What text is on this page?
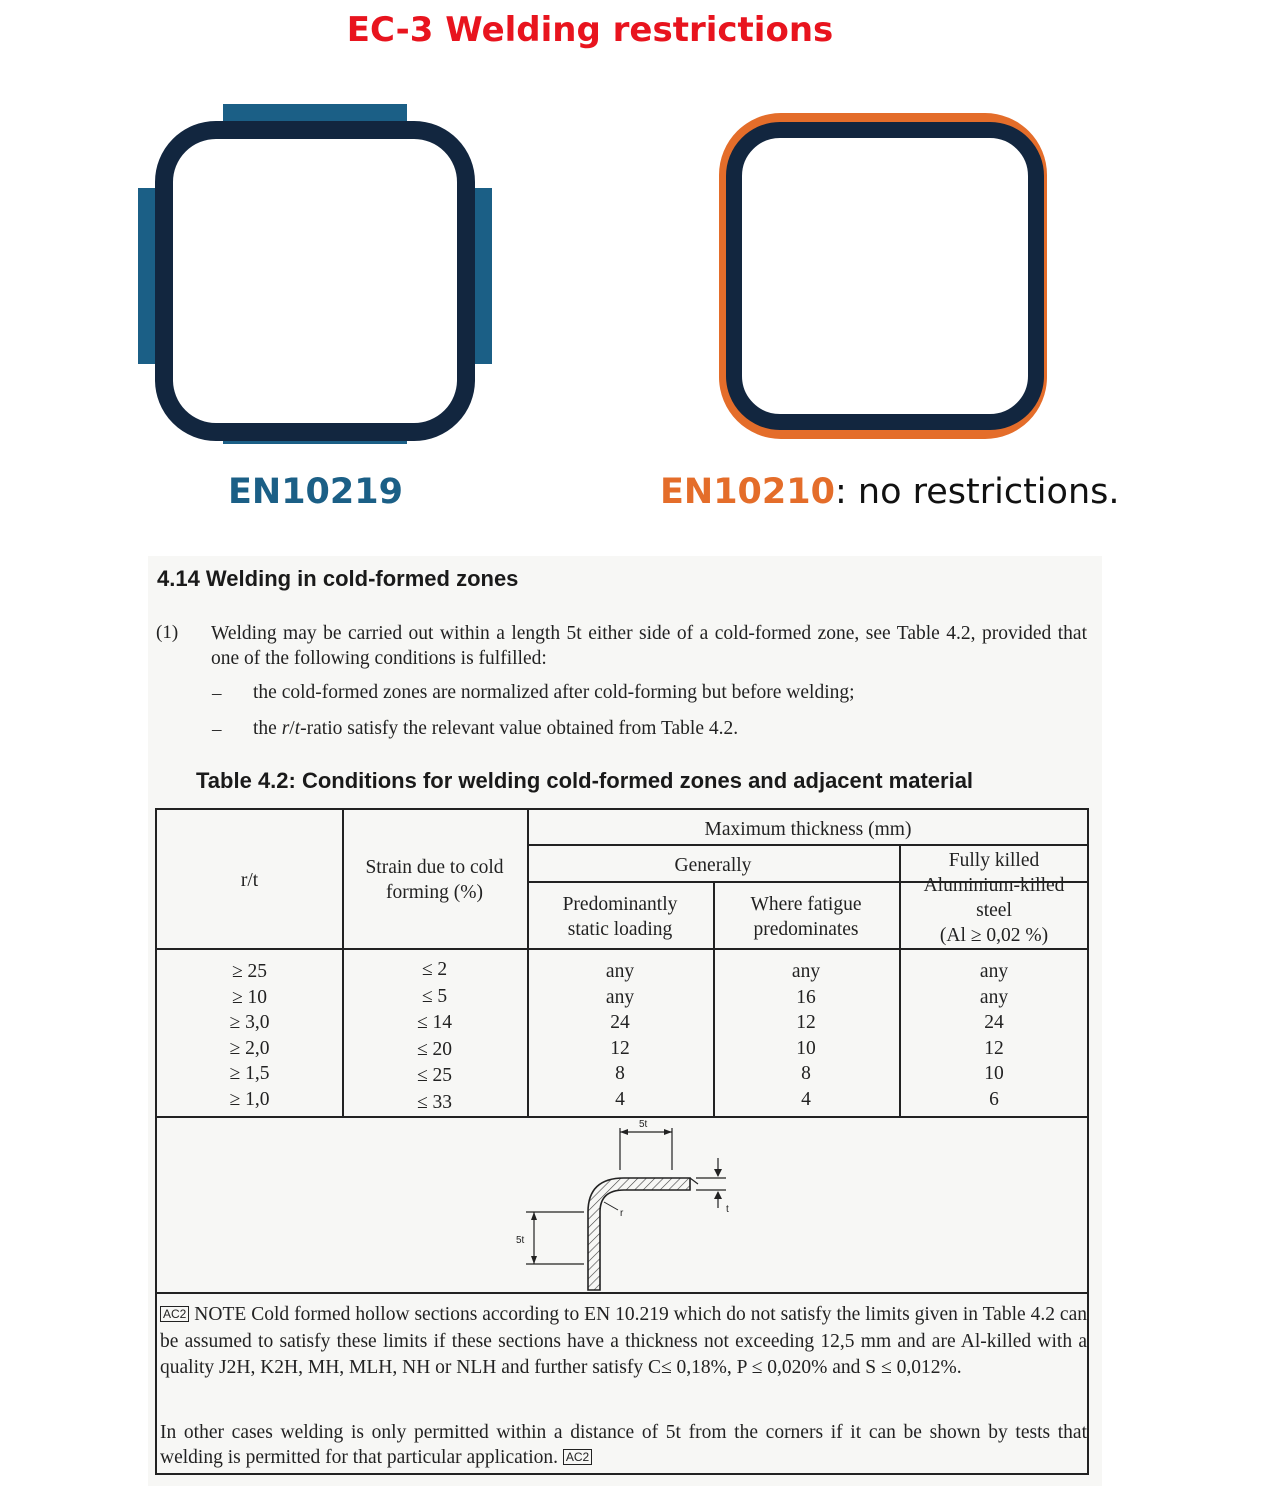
EC-3 Welding restrictions
EN10219	EN10210: no restrictions.
4.14 Welding in cold-formed zones
(1) Welding may be carried out within a length 5t either side of a cold-formed zone, see Table 4.2, provided that one of the following conditions is fulfilled:
–
–
the cold-formed zones are normalized after cold-forming but before welding;
the r/t-ratio satisfy the relevant value obtained from Table 4.2.
Table 4.2: Conditions for welding cold-formed zones and adjacent material
r/t
Strain due to cold
forming (%)
Maximum thickness (mm)
Generally
Predominantly
static loading
Where fatigue
predominates
Fully killed
Aluminium-killed
steel
(Al ≥ 0,02 %)
≥ 25
≥ 10
≥ 3,0
≥ 2,0
≥ 1,5
≥ 1,0
≤ 2
≤ 5
≤ 14
≤ 20
≤ 25
≤ 33
any
any
24
12
8
4
any
16
12
10
8
4
any
any
24
12
10
6
5t
t
r
5t
AC2 NOTE Cold formed hollow sections according to EN 10.219 which do not satisfy the limits given in Table 4.2 can be assumed to satisfy these limits if these sections have a thickness not exceeding 12,5 mm and are Al-killed with a quality J2H, K2H, MH, MLH, NH or NLH and further satisfy C≤ 0,18%, P ≤ 0,020% and S ≤ 0,012%.
In other cases welding is only permitted within a distance of 5t from the corners if it can be shown by tests that welding is permitted for that particular application. AC2
